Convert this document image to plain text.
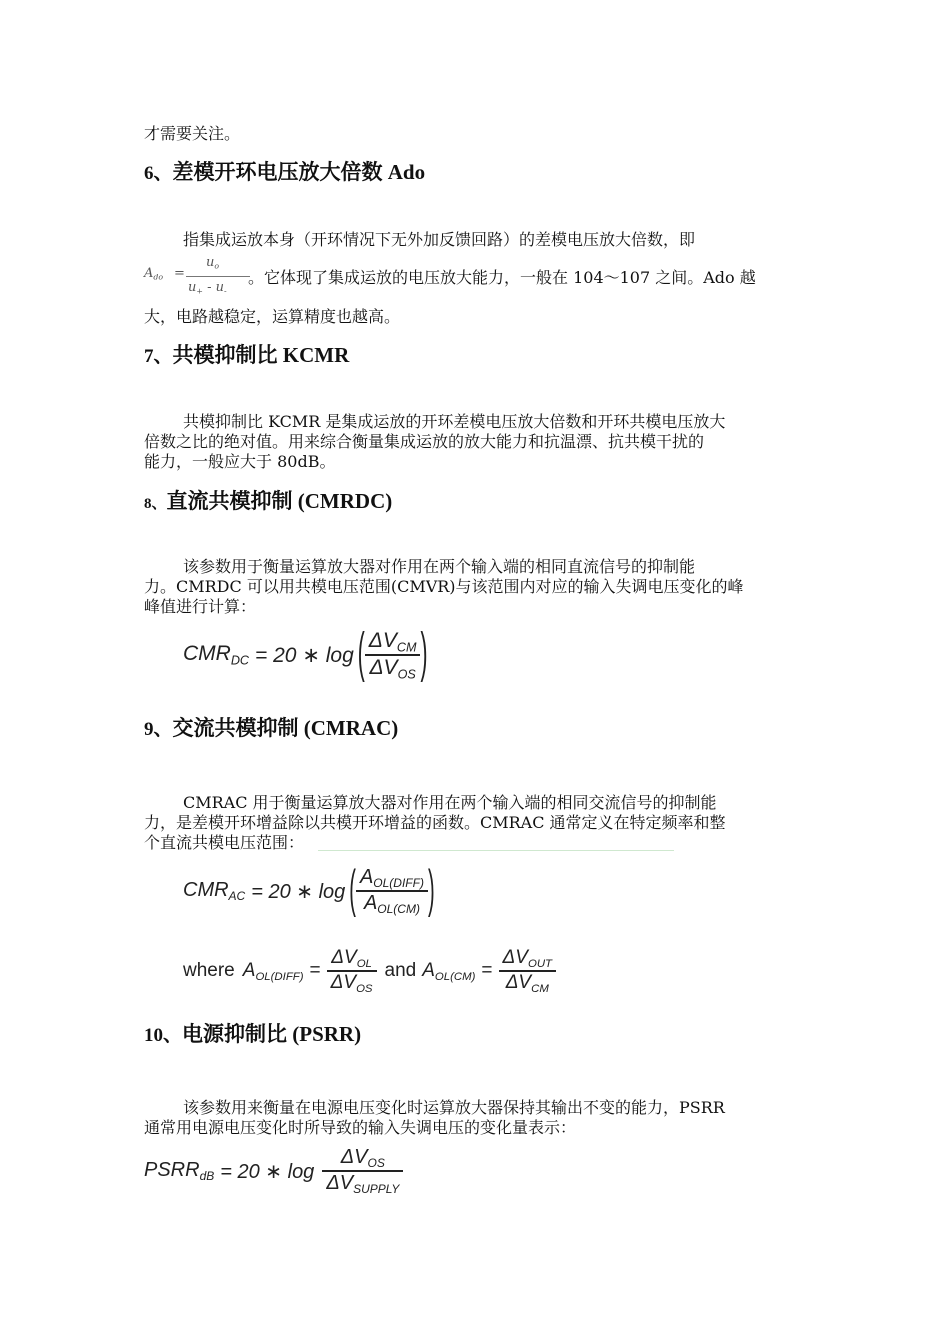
才需要关注。
6、差模开环电压放大倍数 Ado
指集成运放本身（开环情况下无外加反馈回路）的差模电压放大倍数，即
$A_{do}$ =
$u_o$
$u_+ - u_-$
。它体现了集成运放的电压放大能力，一般在 104～107 之间。Ado 越
大，电路越稳定，运算精度也越高。
7、共模抑制比 KCMR
共模抑制比 KCMR 是集成运放的开环差模电压放大倍数和开环共模电压放大
倍数之比的绝对值。用来综合衡量集成运放的放大能力和抗温漂、抗共模干扰的
能力，一般应大于 80dB。
8、直流共模抑制 (CMRDC)
该参数用于衡量运算放大器对作用在两个输入端的相同直流信号的抑制能
力。CMRDC 可以用共模电压范围(CMVR)与该范围内对应的输入失调电压变化的峰
峰值进行计算：
$CMR_{DC} = 20$ ∗ log ( $\frac{\Delta V_{CM}}{\Delta V_{OS}}$ )
9、交流共模抑制 (CMRAC)
CMRAC 用于衡量运算放大器对作用在两个输入端的相同交流信号的抑制能
力，是差模开环增益除以共模开环增益的函数。CMRAC 通常定义在特定频率和整
个直流共模电压范围：
$CMR_{AC} = 20$ ∗ log ( $\frac{A_{OL(DIFF)}}{A_{OL(CM)}}$ )
where $A_{OL(DIFF)} = \frac{\Delta V_{OL}}{\Delta V_{OS}}$ and $A_{OL(CM)} = \frac{\Delta V_{OUT}}{\Delta V_{CM}}$
10、电源抑制比 (PSRR)
该参数用来衡量在电源电压变化时运算放大器保持其输出不变的能力，PSRR
通常用电源电压变化时所导致的输入失调电压的变化量表示：
$PSRR_{dB} = 20$ ∗ $\log \frac{\Delta V_{OS}}{\Delta V_{SUPPLY}}$
